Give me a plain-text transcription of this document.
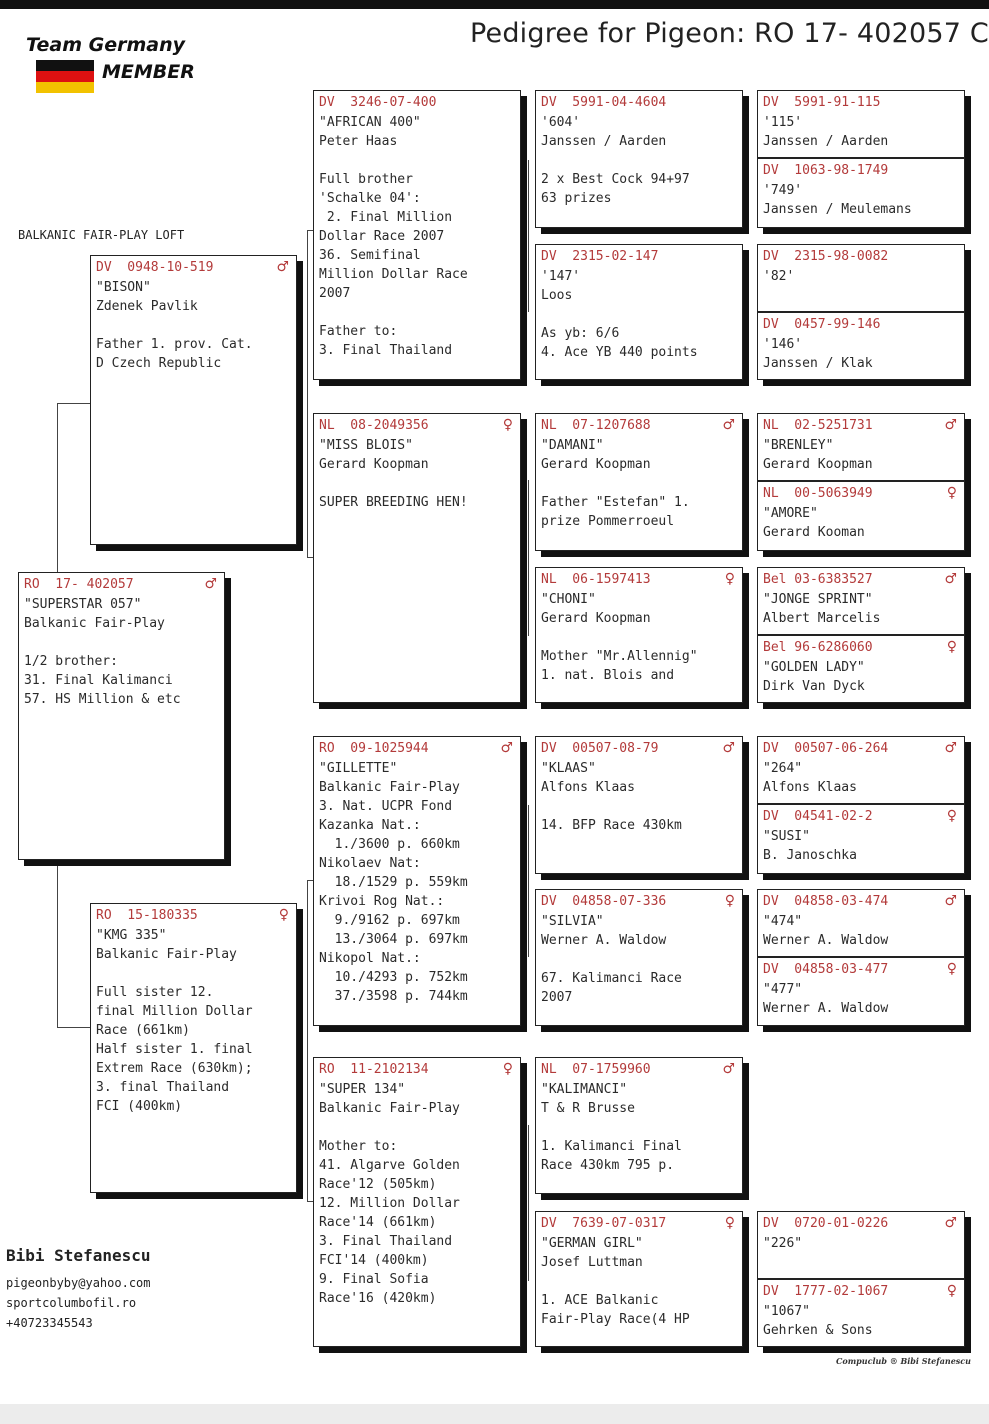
Team Germany
MEMBER
Pedigree for Pigeon: RO 17- 402057 C
BALKANIC FAIR-PLAY LOFT
RO  17- 402057	♂
"SUPERSTAR 057"
Balkanic Fair-Play
1/2 brother:
31. Final Kalimanci
57. HS Million & etc
DV  0948-10-519	♂
"BISON"
Zdenek Pavlik
Father 1. prov. Cat.
D Czech Republic
RO  15-180335	♀
"KMG 335"
Balkanic Fair-Play
Full sister 12.
final Million Dollar
Race (661km)
Half sister 1. final
Extrem Race (630km);
3. final Thailand
FCI (400km)
DV  3246-07-400
"AFRICAN 400"
Peter Haas
Full brother
'Schalke 04':
2. Final Million
Dollar Race 2007
36. Semifinal
Million Dollar Race
2007
Father to:
3. Final Thailand
NL  08-2049356	♀
"MISS BLOIS"
Gerard Koopman
SUPER BREEDING HEN!
RO  09-1025944	♂
"GILLETTE"
Balkanic Fair-Play
3. Nat. UCPR Fond
Kazanka Nat.:
1./3600 p. 660km
Nikolaev Nat:
18./1529 p. 559km
Krivoi Rog Nat.:
9./9162 p. 697km
13./3064 p. 697km
Nikopol Nat.:
10./4293 p. 752km
37./3598 p. 744km
RO  11-2102134	♀
"SUPER 134"
Balkanic Fair-Play
Mother to:
41. Algarve Golden
Race'12 (505km)
12. Million Dollar
Race'14 (661km)
3. Final Thailand
FCI'14 (400km)
9. Final Sofia
Race'16 (420km)
DV  5991-04-4604
'604'
Janssen / Aarden
2 x Best Cock 94+97
63 prizes
DV  2315-02-147
'147'
Loos
As yb: 6/6
4. Ace YB 440 points
NL  07-1207688	♂
"DAMANI"
Gerard Koopman
Father "Estefan" 1.
prize Pommerroeul
NL  06-1597413	♀
"CHONI"
Gerard Koopman
Mother "Mr.Allennig"
1. nat. Blois and
DV  00507-08-79	♂
"KLAAS"
Alfons Klaas
14. BFP Race 430km
DV  04858-07-336	♀
"SILVIA"
Werner A. Waldow
67. Kalimanci Race
2007
NL  07-1759960	♂
"KALIMANCI"
T & R Brusse
1. Kalimanci Final
Race 430km 795 p.
DV  7639-07-0317	♀
"GERMAN GIRL"
Josef Luttman
1. ACE Balkanic
Fair-Play Race(4 HP
DV  5991-91-115
'115'
Janssen / Aarden
DV  1063-98-1749
'749'
Janssen / Meulemans
DV  2315-98-0082
'82'
DV  0457-99-146
'146'
Janssen / Klak
NL  02-5251731	♂
"BRENLEY"
Gerard Koopman
NL  00-5063949	♀
"AMORE"
Gerard Kooman
Bel 03-6383527	♂
"JONGE SPRINT"
Albert Marcelis
Bel 96-6286060	♀
"GOLDEN LADY"
Dirk Van Dyck
DV  00507-06-264	♂
"264"
Alfons Klaas
DV  04541-02-2	♀
"SUSI"
B. Janoschka
DV  04858-03-474	♂
"474"
Werner A. Waldow
DV  04858-03-477	♀
"477"
Werner A. Waldow
DV  0720-01-0226	♂
"226"
DV  1777-02-1067	♀
"1067"
Gehrken & Sons
Bibi Stefanescu
pigeonbyby@yahoo.com
sportcolumbofil.ro
+40723345543
Compuclub ® Bibi Stefanescu
